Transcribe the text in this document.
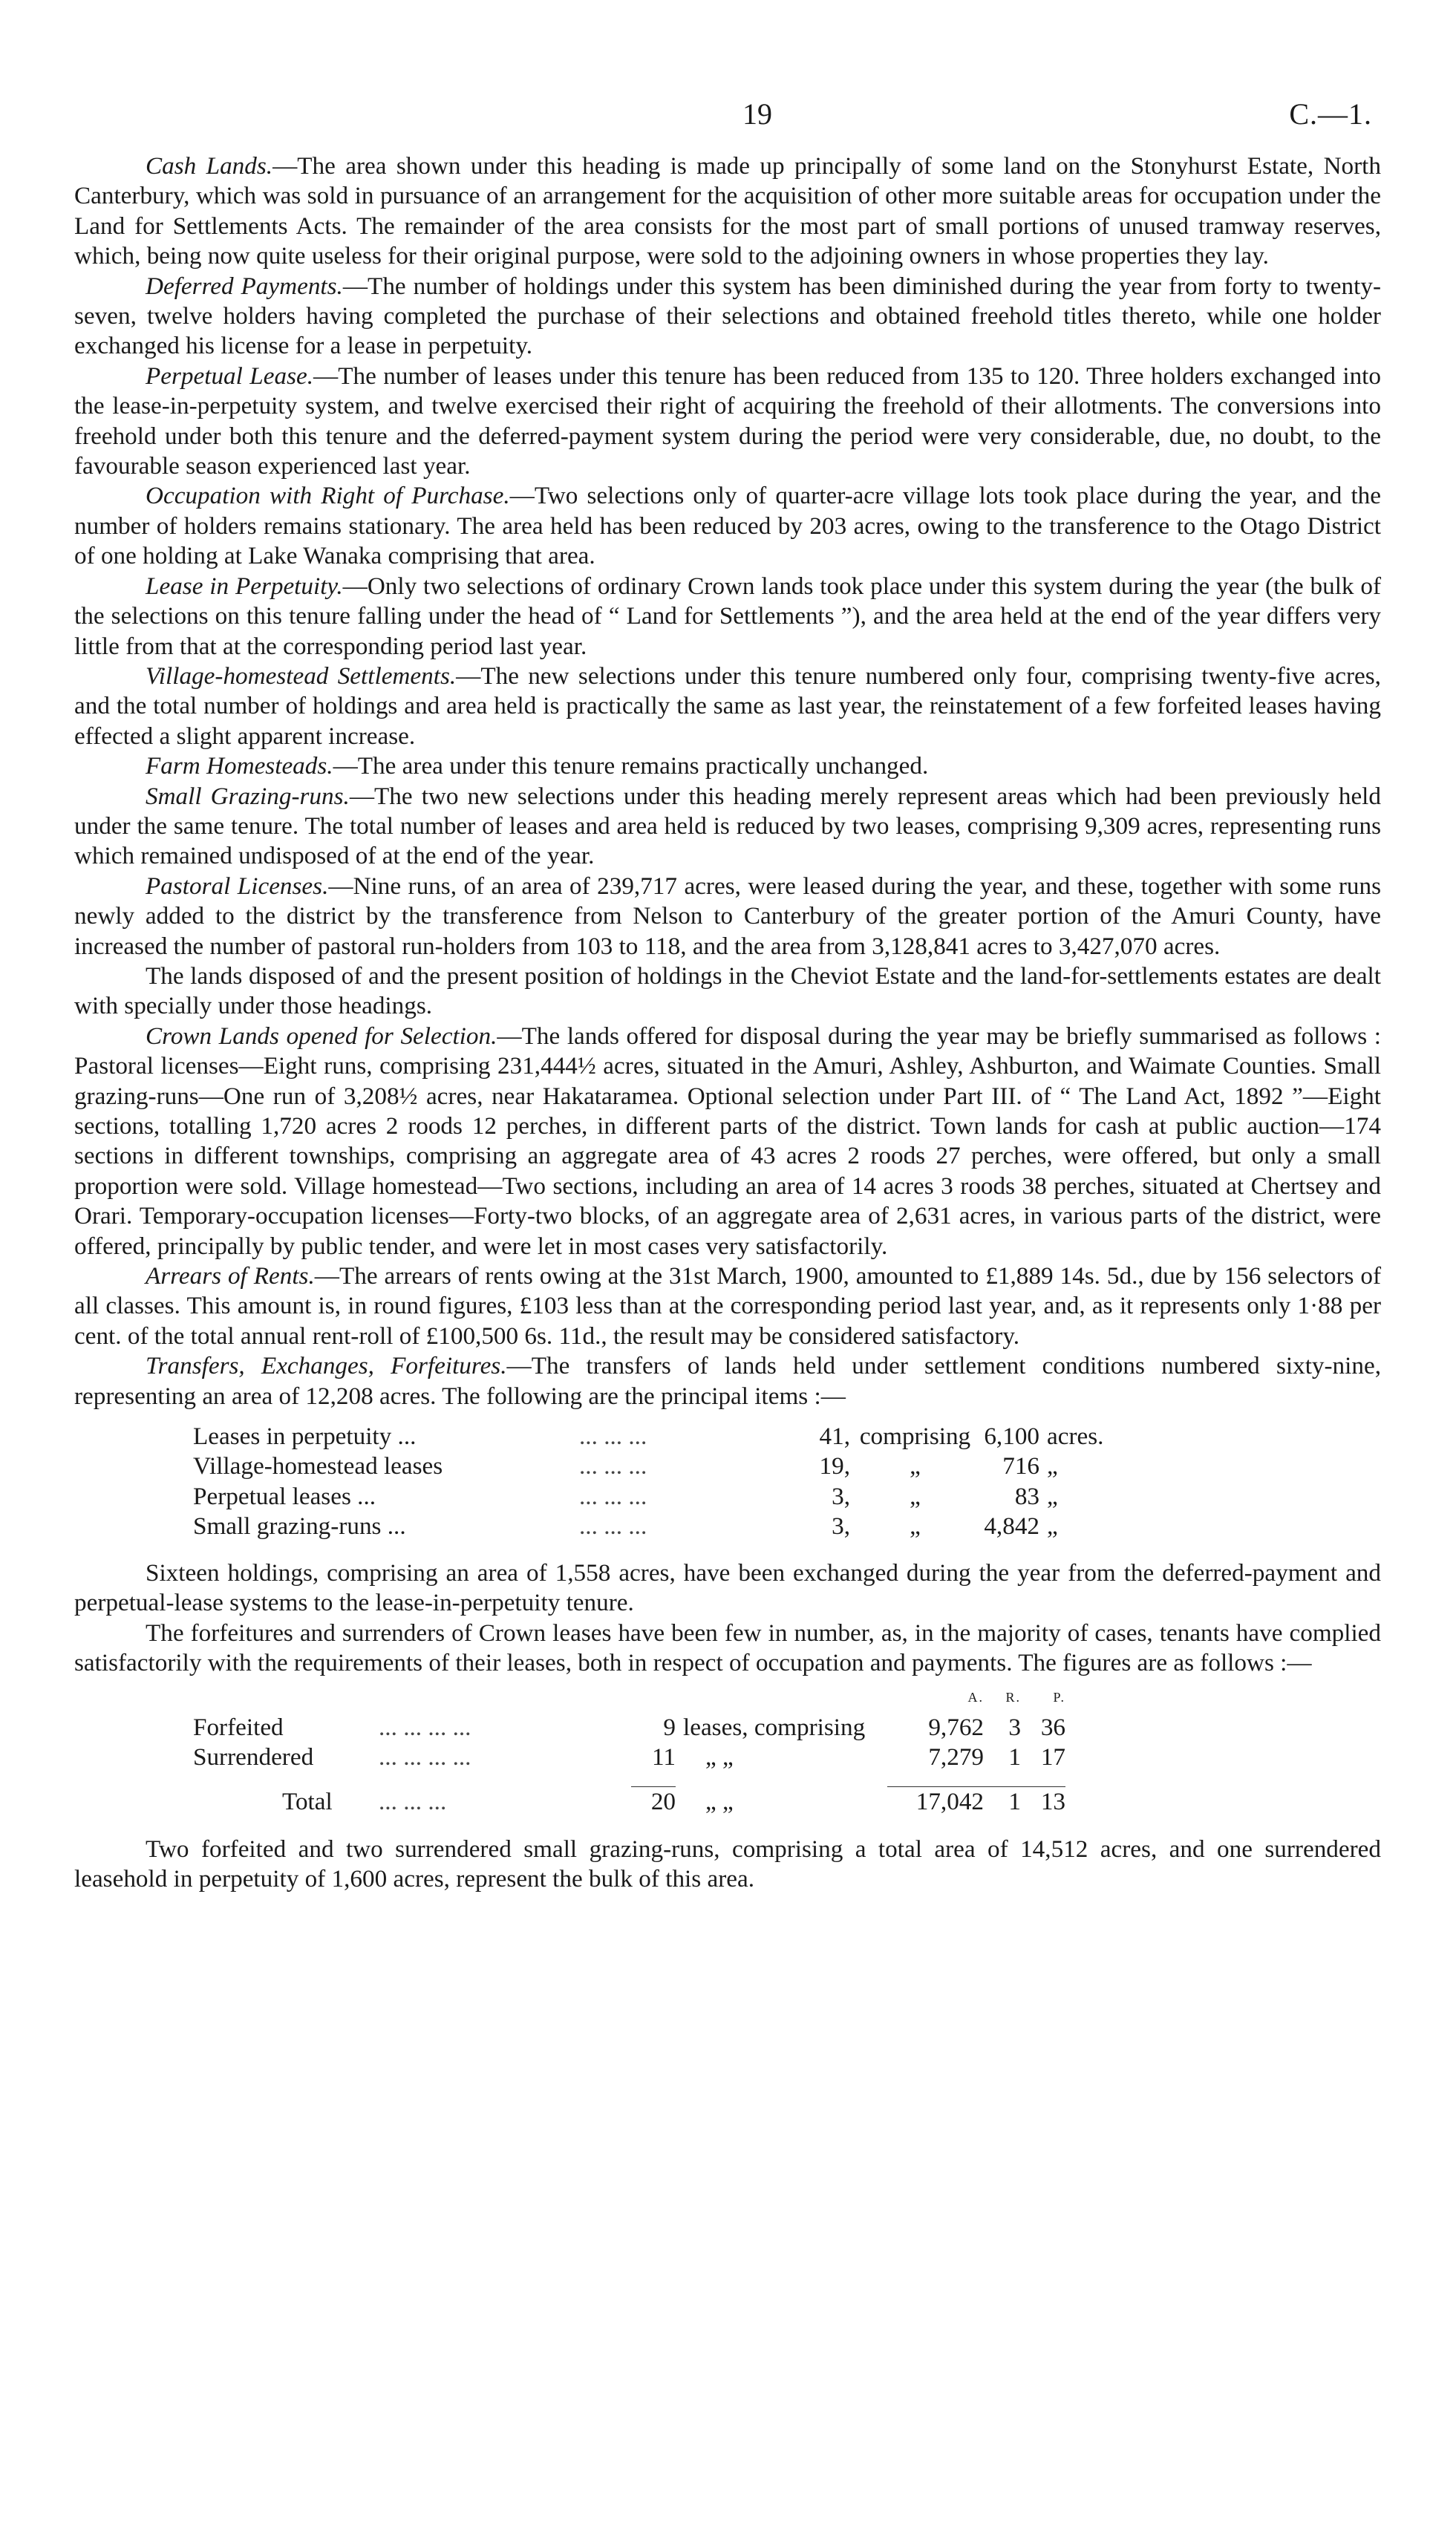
19	C.—1.

Cash Lands.—The area shown under this heading is made up principally of some land on the Stonyhurst Estate, North Canterbury, which was sold in pursuance of an arrangement for the acquisition of other more suitable areas for occupation under the Land for Settlements Acts. The remainder of the area consists for the most part of small portions of unused tramway reserves, which, being now quite useless for their original purpose, were sold to the adjoining owners in whose properties they lay.

Deferred Payments.—The number of holdings under this system has been diminished during the year from forty to twenty-seven, twelve holders having completed the purchase of their selections and obtained freehold titles thereto, while one holder exchanged his license for a lease in perpetuity.

Perpetual Lease.—The number of leases under this tenure has been reduced from 135 to 120. Three holders exchanged into the lease-in-perpetuity system, and twelve exercised their right of acquiring the freehold of their allotments. The conversions into freehold under both this tenure and the deferred-payment system during the period were very considerable, due, no doubt, to the favourable season experienced last year.

Occupation with Right of Purchase.—Two selections only of quarter-acre village lots took place during the year, and the number of holders remains stationary. The area held has been reduced by 203 acres, owing to the transference to the Otago District of one holding at Lake Wanaka comprising that area.

Lease in Perpetuity.—Only two selections of ordinary Crown lands took place under this system during the year (the bulk of the selections on this tenure falling under the head of “ Land for Settlements ”), and the area held at the end of the year differs very little from that at the corresponding period last year.

Village-homestead Settlements.—The new selections under this tenure numbered only four, comprising twenty-five acres, and the total number of holdings and area held is practically the same as last year, the reinstatement of a few forfeited leases having effected a slight apparent increase.

Farm Homesteads.—The area under this tenure remains practically unchanged.

Small Grazing-runs.—The two new selections under this heading merely represent areas which had been previously held under the same tenure. The total number of leases and area held is reduced by two leases, comprising 9,309 acres, representing runs which remained undisposed of at the end of the year.

Pastoral Licenses.—Nine runs, of an area of 239,717 acres, were leased during the year, and these, together with some runs newly added to the district by the transference from Nelson to Canterbury of the greater portion of the Amuri County, have increased the number of pastoral run-holders from 103 to 118, and the area from 3,128,841 acres to 3,427,070 acres.

The lands disposed of and the present position of holdings in the Cheviot Estate and the land-for-settlements estates are dealt with specially under those headings.

Crown Lands opened for Selection.—The lands offered for disposal during the year may be briefly summarised as follows : Pastoral licenses—Eight runs, comprising 231,444½ acres, situated in the Amuri, Ashley, Ashburton, and Waimate Counties. Small grazing-runs—One run of 3,208½ acres, near Hakataramea. Optional selection under Part III. of “ The Land Act, 1892 ”—Eight sections, totalling 1,720 acres 2 roods 12 perches, in different parts of the district. Town lands for cash at public auction—174 sections in different townships, comprising an aggregate area of 43 acres 2 roods 27 perches, were offered, but only a small proportion were sold. Village homestead—Two sections, including an area of 14 acres 3 roods 38 perches, situated at Chertsey and Orari. Temporary-occupation licenses—Forty-two blocks, of an aggregate area of 2,631 acres, in various parts of the district, were offered, principally by public tender, and were let in most cases very satisfactorily.

Arrears of Rents.—The arrears of rents owing at the 31st March, 1900, amounted to £1,889 14s. 5d., due by 156 selectors of all classes. This amount is, in round figures, £103 less than at the corresponding period last year, and, as it represents only 1·88 per cent. of the total annual rent-roll of £100,500 6s. 11d., the result may be considered satisfactory.

Transfers, Exchanges, Forfeitures.—The transfers of lands held under settlement conditions numbered sixty-nine, representing an area of 12,208 acres. The following are the principal items :—

Leases in perpetuity ...	... ... ...	41,	comprising	6,100	acres.
Village-homestead leases	... ... ...	19,	„	716	„
Perpetual leases ...	... ... ...	3,	„	83	„
Small grazing-runs ...	... ... ...	3,	„	4,842	„

Sixteen holdings, comprising an area of 1,558 acres, have been exchanged during the year from the deferred-payment and perpetual-lease systems to the lease-in-perpetuity tenure.

The forfeitures and surrenders of Crown leases have been few in number, as, in the majority of cases, tenants have complied satisfactorily with the requirements of their leases, both in respect of occupation and payments. The figures are as follows :—

				A.	R.	P.
Forfeited	... ... ... ...	9	leases, comprising	9,762	3	36
Surrendered	... ... ... ...	11	„ „	7,279	1	17

Total	... ... ...	20	„ „	17,042	1	13

Two forfeited and two surrendered small grazing-runs, comprising a total area of 14,512 acres, and one surrendered leasehold in perpetuity of 1,600 acres, represent the bulk of this area.
